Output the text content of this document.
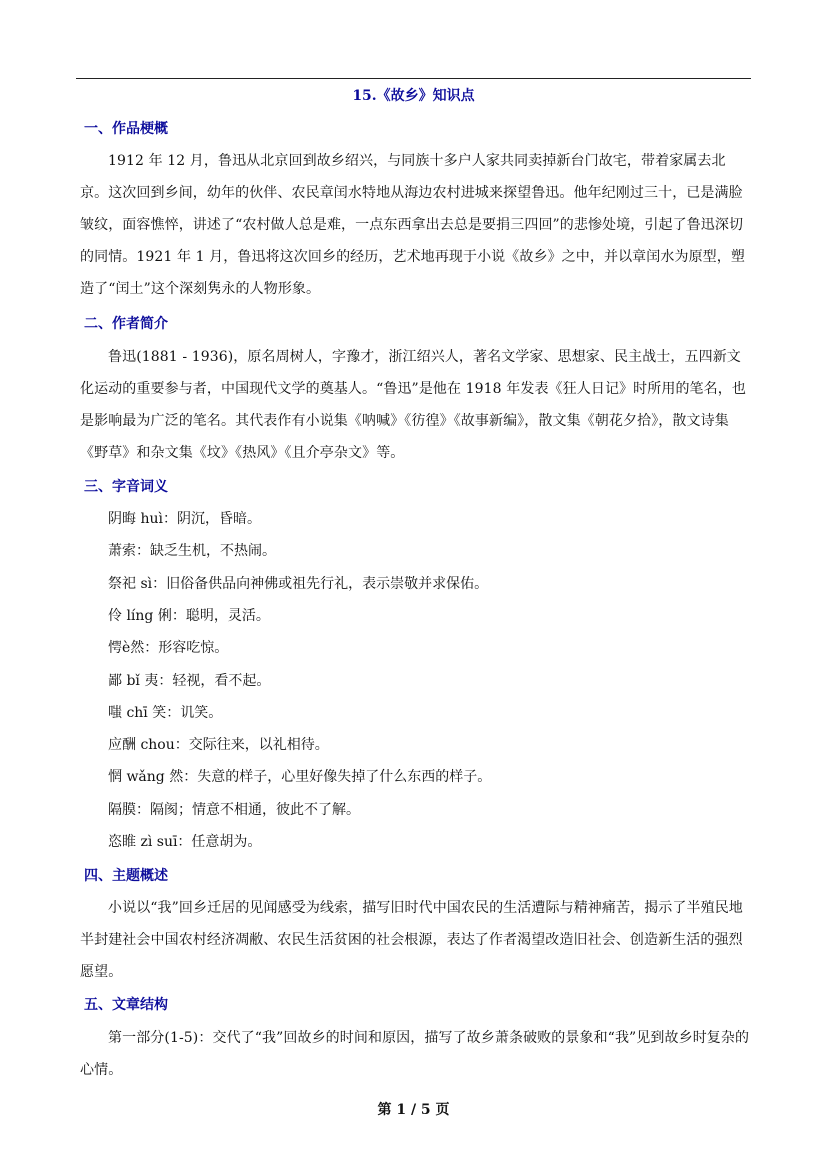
15.《故乡》知识点
一、作品梗概
1912 年 12 月，鲁迅从北京回到故乡绍兴，与同族十多户人家共同卖掉新台门故宅，带着家属去北京。这次回到乡间，幼年的伙伴、农民章闰水特地从海边农村进城来探望鲁迅。他年纪刚过三十，已是满脸皱纹，面容憔悴，讲述了“农村做人总是难，一点东西拿出去总是要捐三四回”的悲惨处境，引起了鲁迅深切的同情。1921 年 1 月，鲁迅将这次回乡的经历，艺术地再现于小说《故乡》之中，并以章闰水为原型，塑造了“闰土”这个深刻隽永的人物形象。
二、作者简介
鲁迅(1881 - 1936)，原名周树人，字豫才，浙江绍兴人，著名文学家、思想家、民主战士，五四新文化运动的重要参与者，中国现代文学的奠基人。“鲁迅”是他在 1918 年发表《狂人日记》时所用的笔名，也是影响最为广泛的笔名。其代表作有小说集《呐喊》《彷徨》《故事新编》，散文集《朝花夕拾》，散文诗集《野草》和杂文集《坟》《热风》《且介亭杂文》等。
三、字音词义
阴晦 huì：阴沉，昏暗。
萧索：缺乏生机，不热闹。
祭祀 sì：旧俗备供品向神佛或祖先行礼，表示崇敬并求保佑。
伶 líng 俐：聪明，灵活。
愕è然：形容吃惊。
鄙 bǐ 夷：轻视，看不起。
嗤 chī 笑：讥笑。
应酬 chou：交际往来，以礼相待。
惘 wǎng 然：失意的样子，心里好像失掉了什么东西的样子。
隔膜：隔阂；情意不相通，彼此不了解。
恣睢 zì suī：任意胡为。
四、主题概述
小说以“我”回乡迁居的见闻感受为线索，描写旧时代中国农民的生活遭际与精神痛苦，揭示了半殖民地半封建社会中国农村经济凋敝、农民生活贫困的社会根源，表达了作者渴望改造旧社会、创造新生活的强烈愿望。
五、文章结构
第一部分(1-5)：交代了“我”回故乡的时间和原因，描写了故乡萧条破败的景象和“我”见到故乡时复杂的心情。
第 1 / 5 页
